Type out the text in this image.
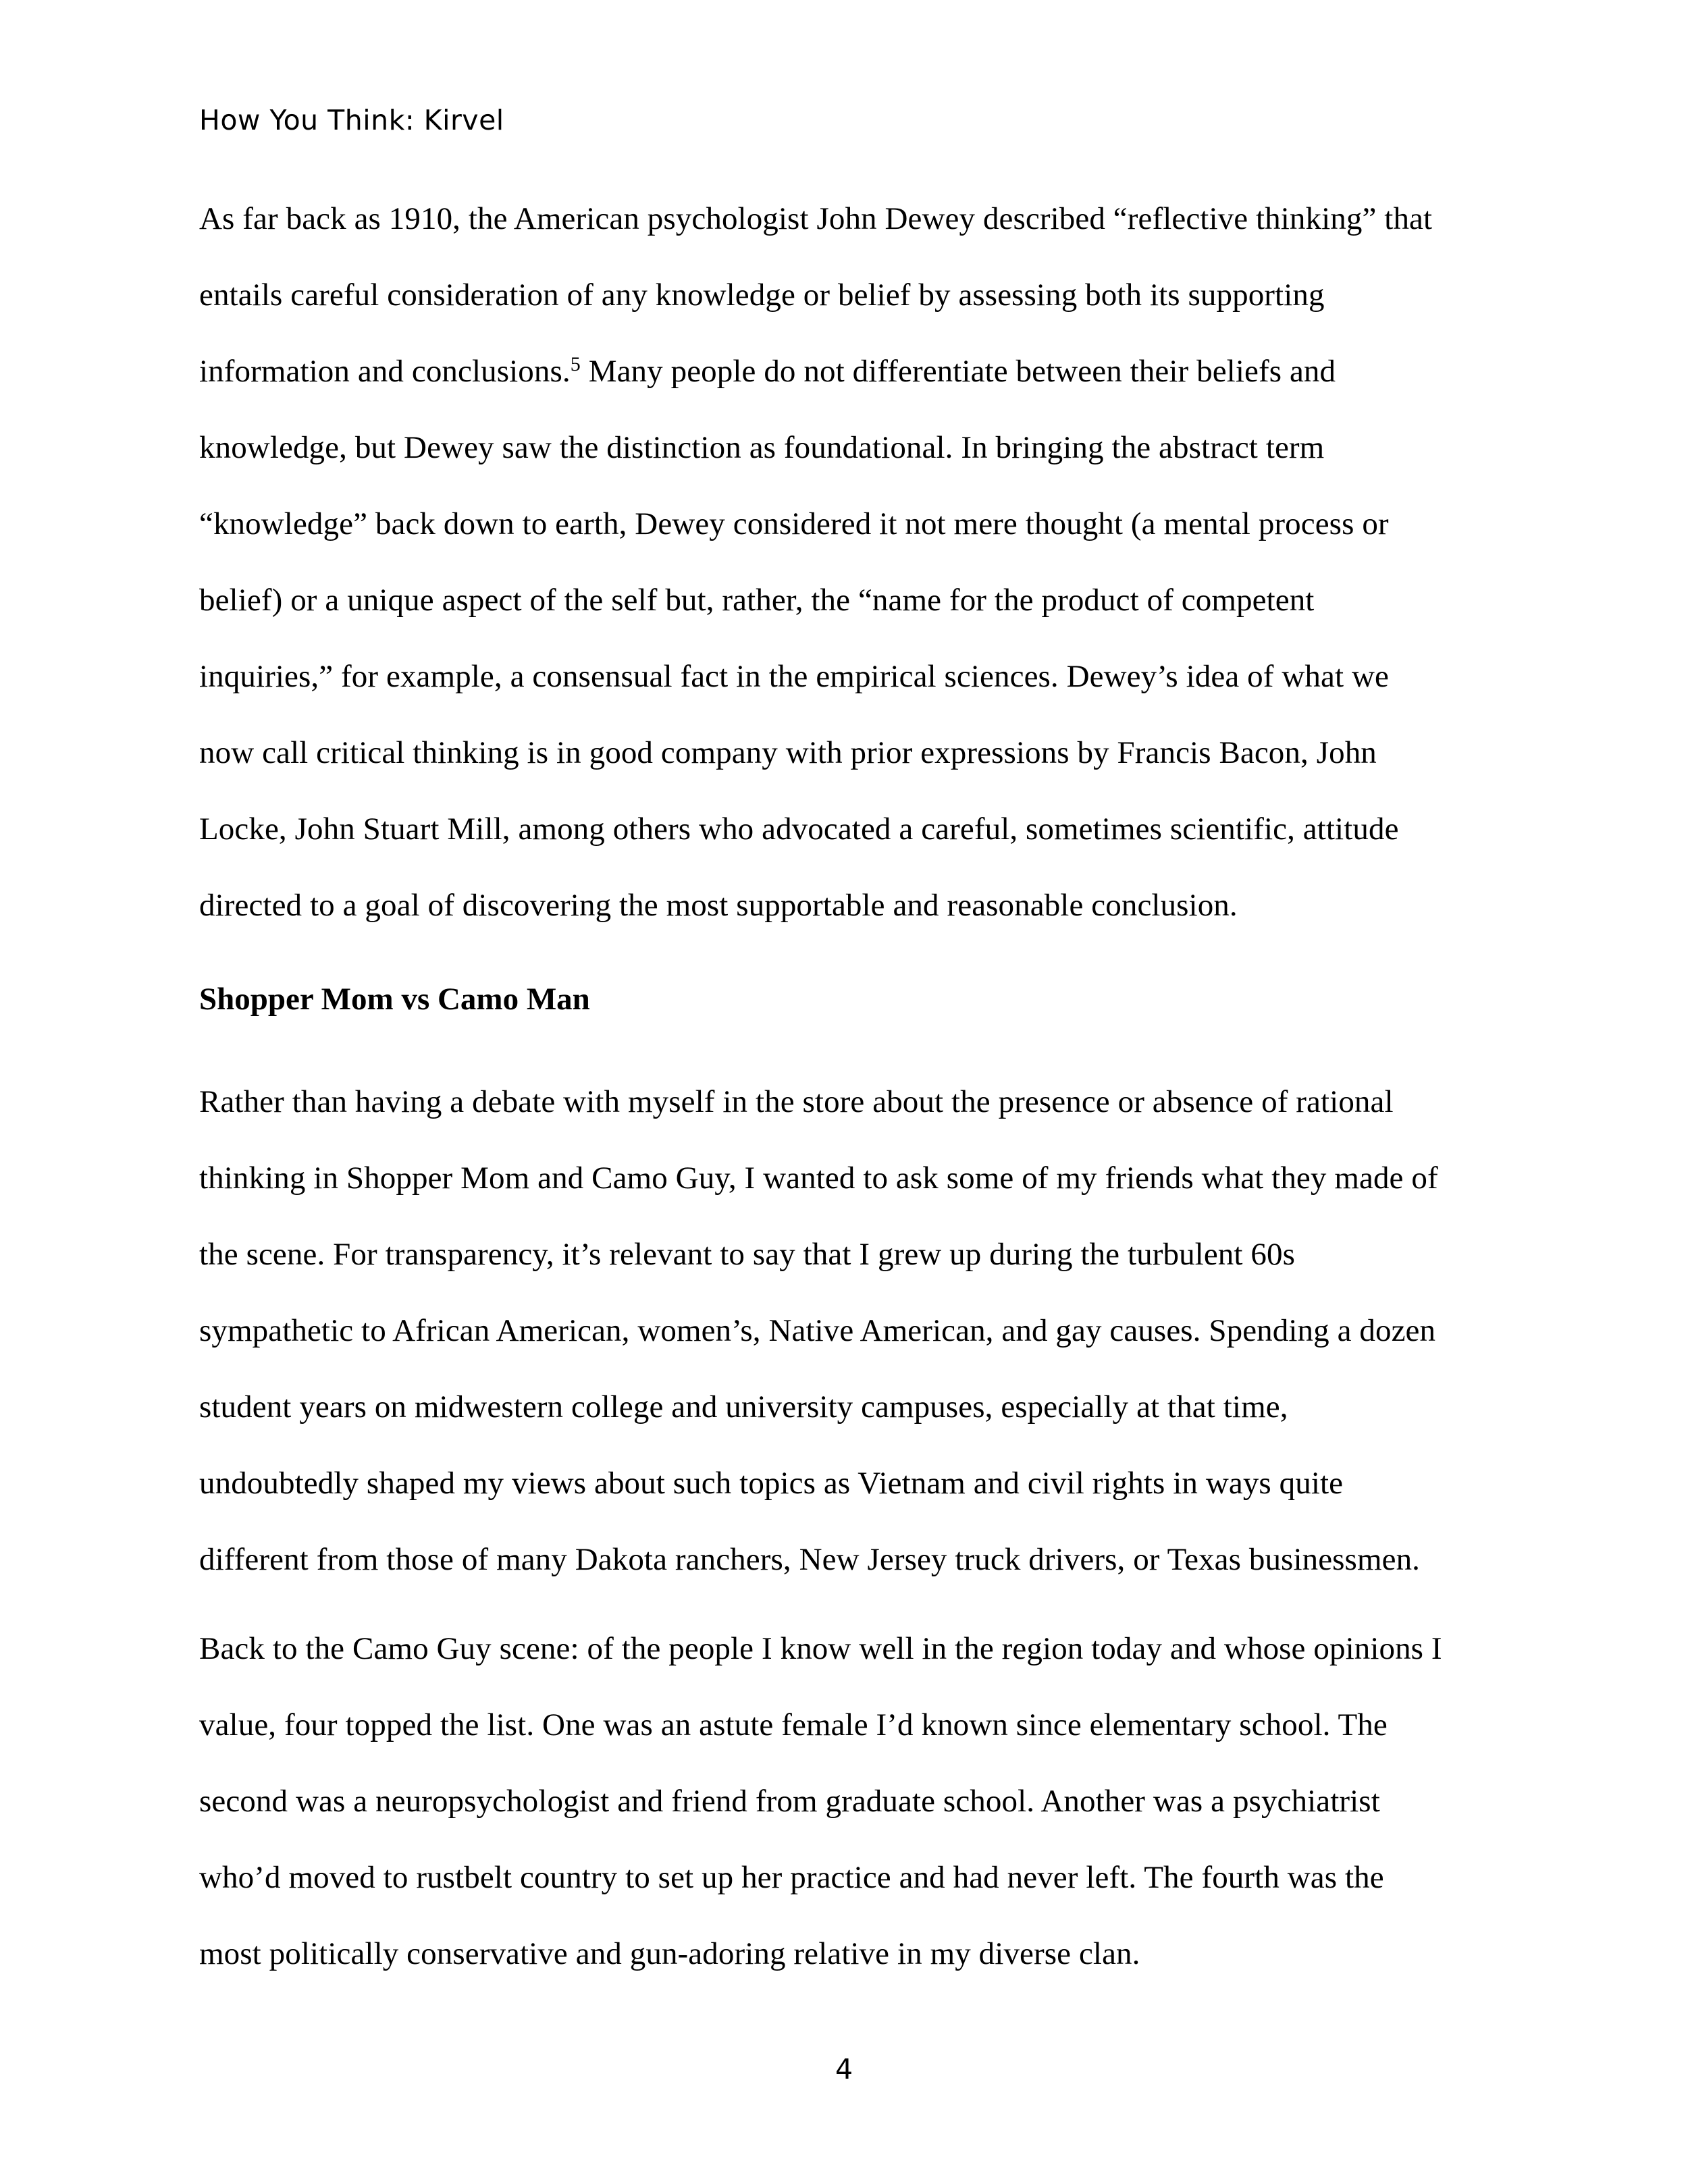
How You Think: Kirvel

As far back as 1910, the American psychologist John Dewey described “reflective thinking” that
entails careful consideration of any knowledge or belief by assessing both its supporting
information and conclusions.$^5$ Many people do not differentiate between their beliefs and
knowledge, but Dewey saw the distinction as foundational. In bringing the abstract term
“knowledge” back down to earth, Dewey considered it not mere thought (a mental process or
belief) or a unique aspect of the self but, rather, the “name for the product of competent
inquiries,” for example, a consensual fact in the empirical sciences. Dewey’s idea of what we
now call critical thinking is in good company with prior expressions by Francis Bacon, John
Locke, John Stuart Mill, among others who advocated a careful, sometimes scientific, attitude
directed to a goal of discovering the most supportable and reasonable conclusion.

Shopper Mom vs Camo Man

Rather than having a debate with myself in the store about the presence or absence of rational
thinking in Shopper Mom and Camo Guy, I wanted to ask some of my friends what they made of
the scene. For transparency, it’s relevant to say that I grew up during the turbulent 60s
sympathetic to African American, women’s, Native American, and gay causes. Spending a dozen
student years on midwestern college and university campuses, especially at that time,
undoubtedly shaped my views about such topics as Vietnam and civil rights in ways quite
different from those of many Dakota ranchers, New Jersey truck drivers, or Texas businessmen.

Back to the Camo Guy scene: of the people I know well in the region today and whose opinions I
value, four topped the list. One was an astute female I’d known since elementary school. The
second was a neuropsychologist and friend from graduate school. Another was a psychiatrist
who’d moved to rustbelt country to set up her practice and had never left. The fourth was the
most politically conservative and gun-adoring relative in my diverse clan.

4
